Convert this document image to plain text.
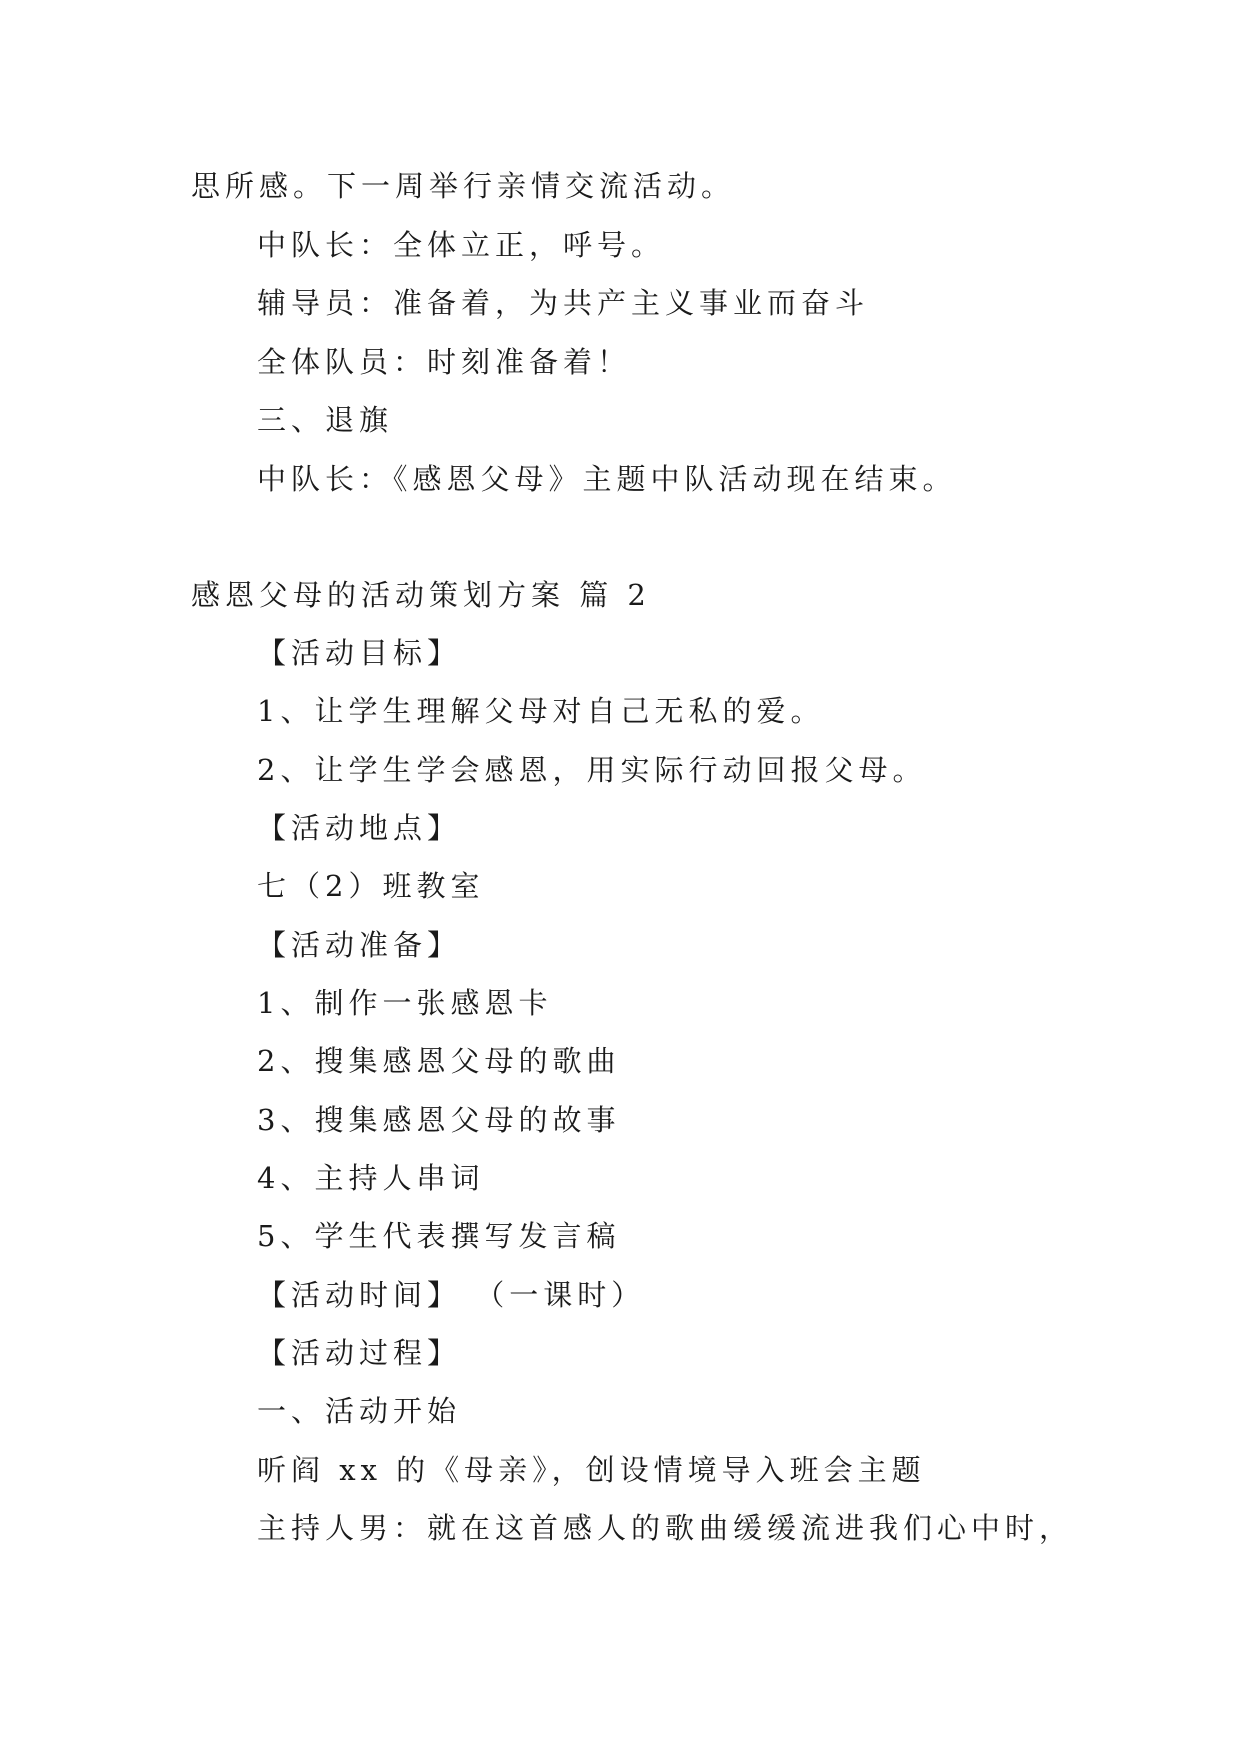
思所感。下一周举行亲情交流活动。
中队长：全体立正，呼号。
辅导员：准备着，为共产主义事业而奋斗
全体队员：时刻准备着！
三、退旗
中队长：《感恩父母》主题中队活动现在结束。
感恩父母的活动策划方案 篇 2
【活动目标】
1、让学生理解父母对自己无私的爱。
2、让学生学会感恩，用实际行动回报父母。
【活动地点】
七（2）班教室
【活动准备】
1、制作一张感恩卡
2、搜集感恩父母的歌曲
3、搜集感恩父母的故事
4、主持人串词
5、学生代表撰写发言稿
【活动时间】 （一课时）
【活动过程】
一、活动开始
听阎 xx 的《母亲》，创设情境导入班会主题
主持人男：就在这首感人的歌曲缓缓流进我们心中时，
